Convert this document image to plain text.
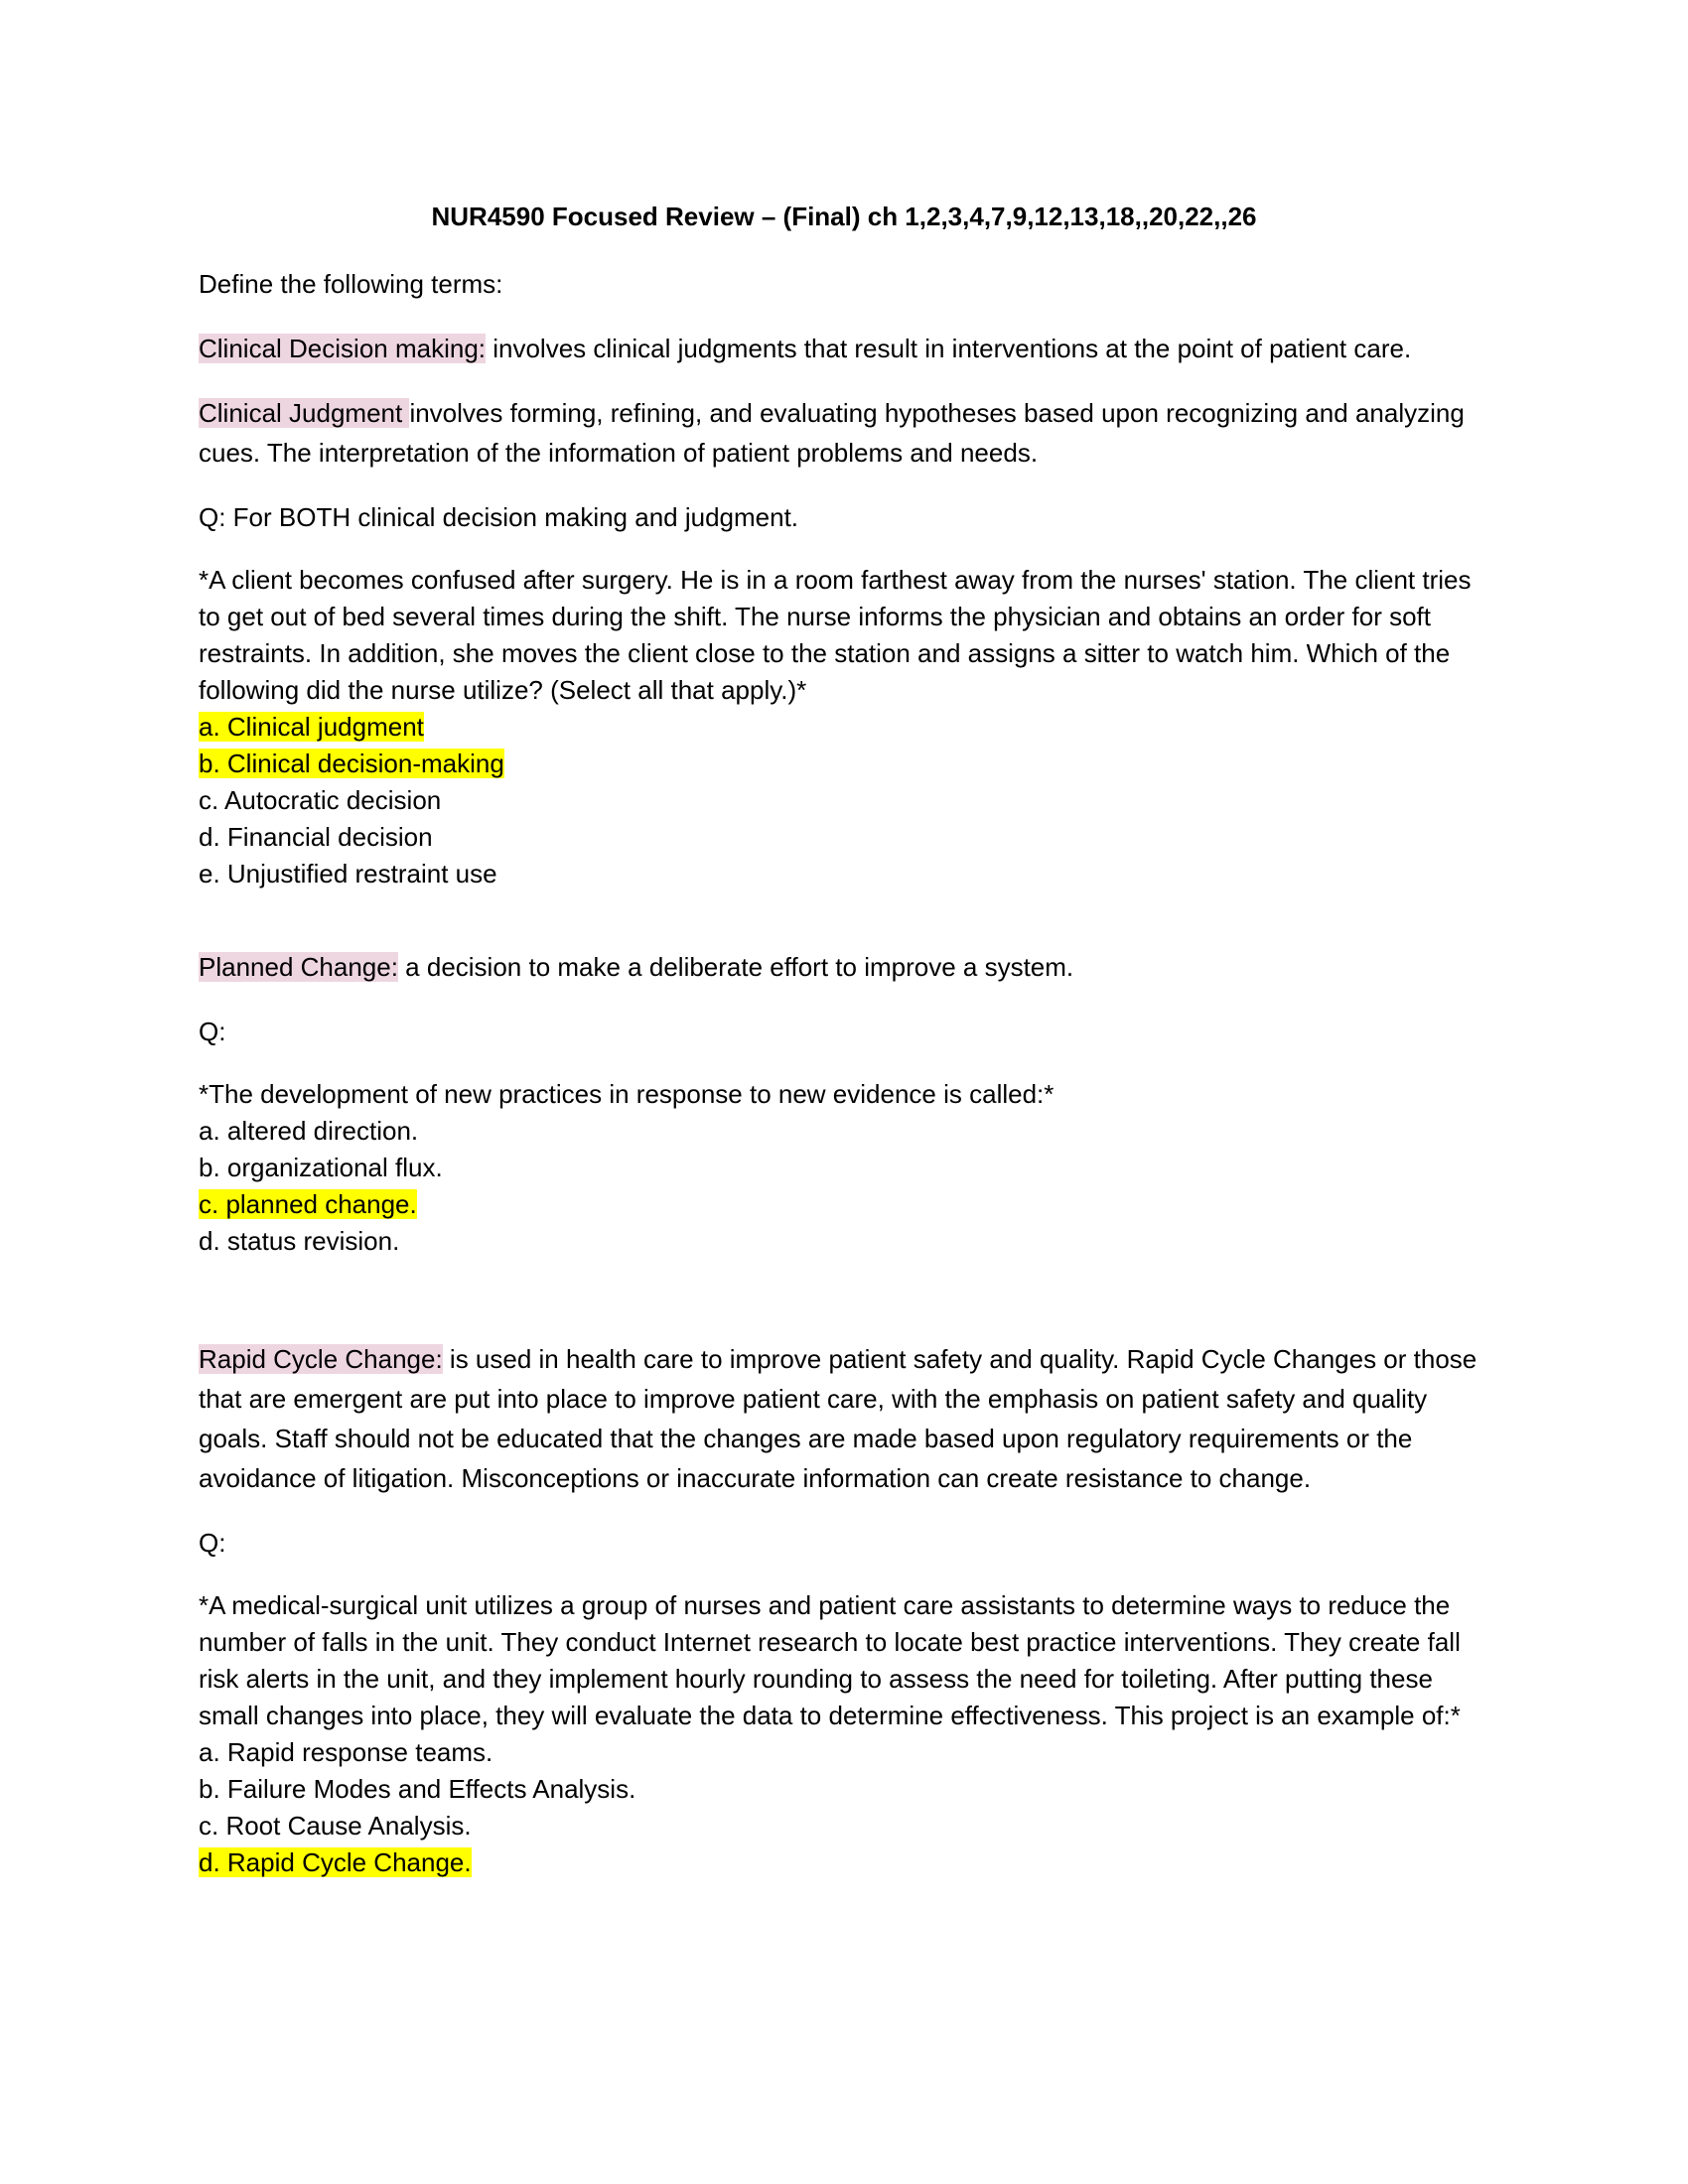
NUR4590 Focused Review – (Final) ch 1,2,3,4,7,9,12,13,18,,20,22,,26

Define the following terms:

Clinical Decision making: involves clinical judgments that result in interventions at the point of patient care.

Clinical Judgment involves forming, refining, and evaluating hypotheses based upon recognizing and analyzing cues. The interpretation of the information of patient problems and needs.

Q: For BOTH clinical decision making and judgment.

*A client becomes confused after surgery. He is in a room farthest away from the nurses' station. The client tries to get out of bed several times during the shift. The nurse informs the physician and obtains an order for soft restraints. In addition, she moves the client close to the station and assigns a sitter to watch him. Which of the following did the nurse utilize? (Select all that apply.)*
a. Clinical judgment
b. Clinical decision-making
c. Autocratic decision
d. Financial decision
e. Unjustified restraint use

Planned Change: a decision to make a deliberate effort to improve a system.

Q:

*The development of new practices in response to new evidence is called:*
a. altered direction.
b. organizational flux.
c. planned change.
d. status revision.

Rapid Cycle Change: is used in health care to improve patient safety and quality. Rapid Cycle Changes or those that are emergent are put into place to improve patient care, with the emphasis on patient safety and quality goals. Staff should not be educated that the changes are made based upon regulatory requirements or the avoidance of litigation. Misconceptions or inaccurate information can create resistance to change.

Q:

*A medical-surgical unit utilizes a group of nurses and patient care assistants to determine ways to reduce the number of falls in the unit. They conduct Internet research to locate best practice interventions. They create fall risk alerts in the unit, and they implement hourly rounding to assess the need for toileting. After putting these small changes into place, they will evaluate the data to determine effectiveness. This project is an example of:*
a. Rapid response teams.
b. Failure Modes and Effects Analysis.
c. Root Cause Analysis.
d. Rapid Cycle Change.
